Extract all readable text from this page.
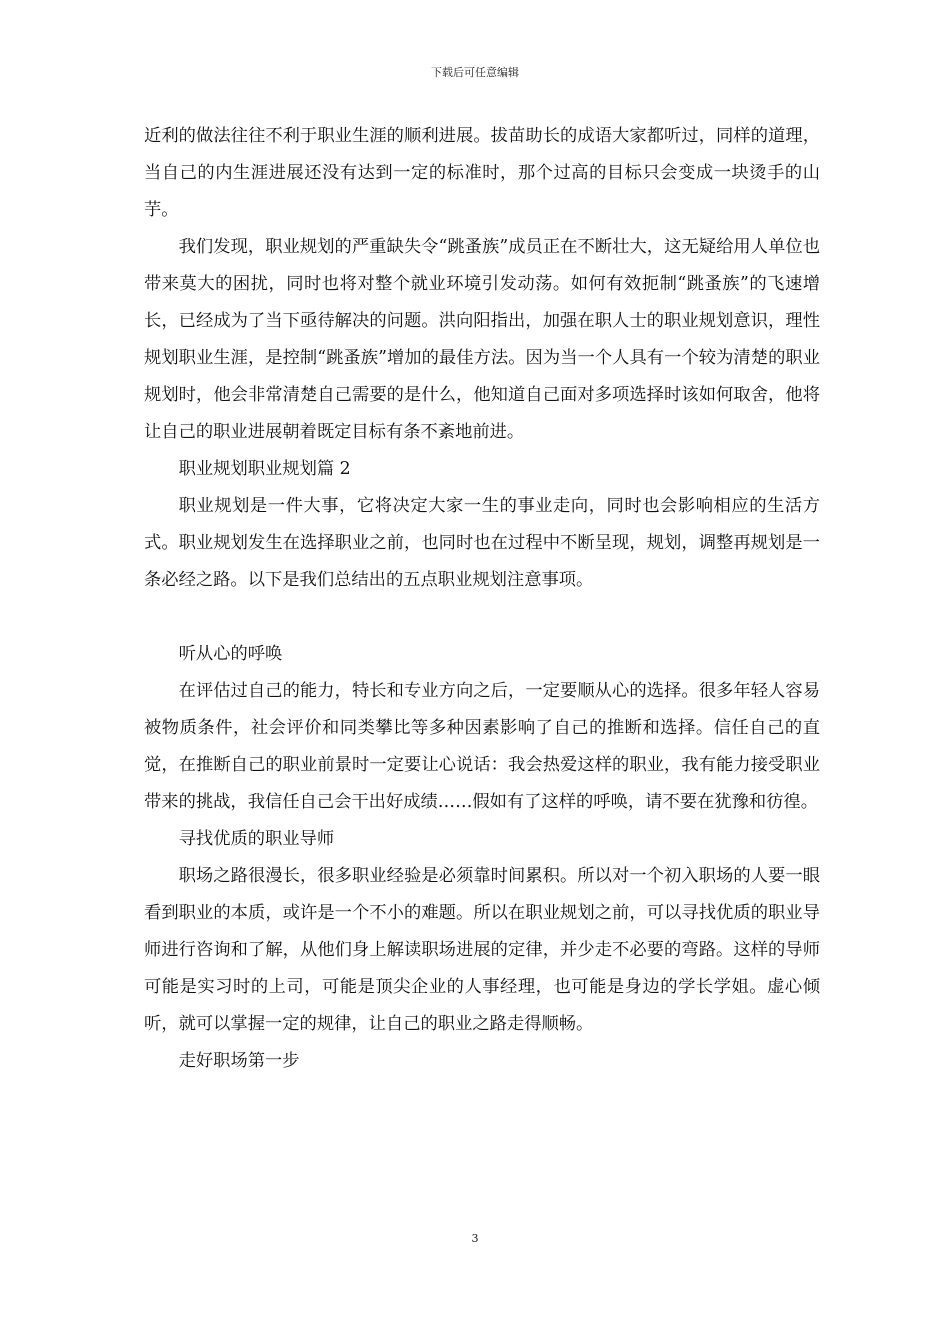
下载后可任意编辑

近利的做法往往不利于职业生涯的顺利进展。拔苗助长的成语大家都听过，同样的道理，当自己的内生涯进展还没有达到一定的标准时，那个过高的目标只会变成一块烫手的山芋。

我们发现，职业规划的严重缺失令“跳蚤族”成员正在不断壮大，这无疑给用人单位也带来莫大的困扰，同时也将对整个就业环境引发动荡。如何有效扼制“跳蚤族”的飞速增长，已经成为了当下亟待解决的问题。洪向阳指出，加强在职人士的职业规划意识，理性规划职业生涯，是控制“跳蚤族”增加的最佳方法。因为当一个人具有一个较为清楚的职业规划时，他会非常清楚自己需要的是什么，他知道自己面对多项选择时该如何取舍，他将让自己的职业进展朝着既定目标有条不紊地前进。

职业规划职业规划篇 2

职业规划是一件大事，它将决定大家一生的事业走向，同时也会影响相应的生活方式。职业规划发生在选择职业之前，也同时也在过程中不断呈现，规划，调整再规划是一条必经之路。以下是我们总结出的五点职业规划注意事项。

听从心的呼唤

在评估过自己的能力，特长和专业方向之后，一定要顺从心的选择。很多年轻人容易被物质条件，社会评价和同类攀比等多种因素影响了自己的推断和选择。信任自己的直觉，在推断自己的职业前景时一定要让心说话：我会热爱这样的职业，我有能力接受职业带来的挑战，我信任自己会干出好成绩……假如有了这样的呼唤，请不要在犹豫和彷徨。

寻找优质的职业导师

职场之路很漫长，很多职业经验是必须靠时间累积。所以对一个初入职场的人要一眼看到职业的本质，或许是一个不小的难题。所以在职业规划之前，可以寻找优质的职业导师进行咨询和了解，从他们身上解读职场进展的定律，并少走不必要的弯路。这样的导师可能是实习时的上司，可能是顶尖企业的人事经理，也可能是身边的学长学姐。虚心倾听，就可以掌握一定的规律，让自己的职业之路走得顺畅。

走好职场第一步

3
